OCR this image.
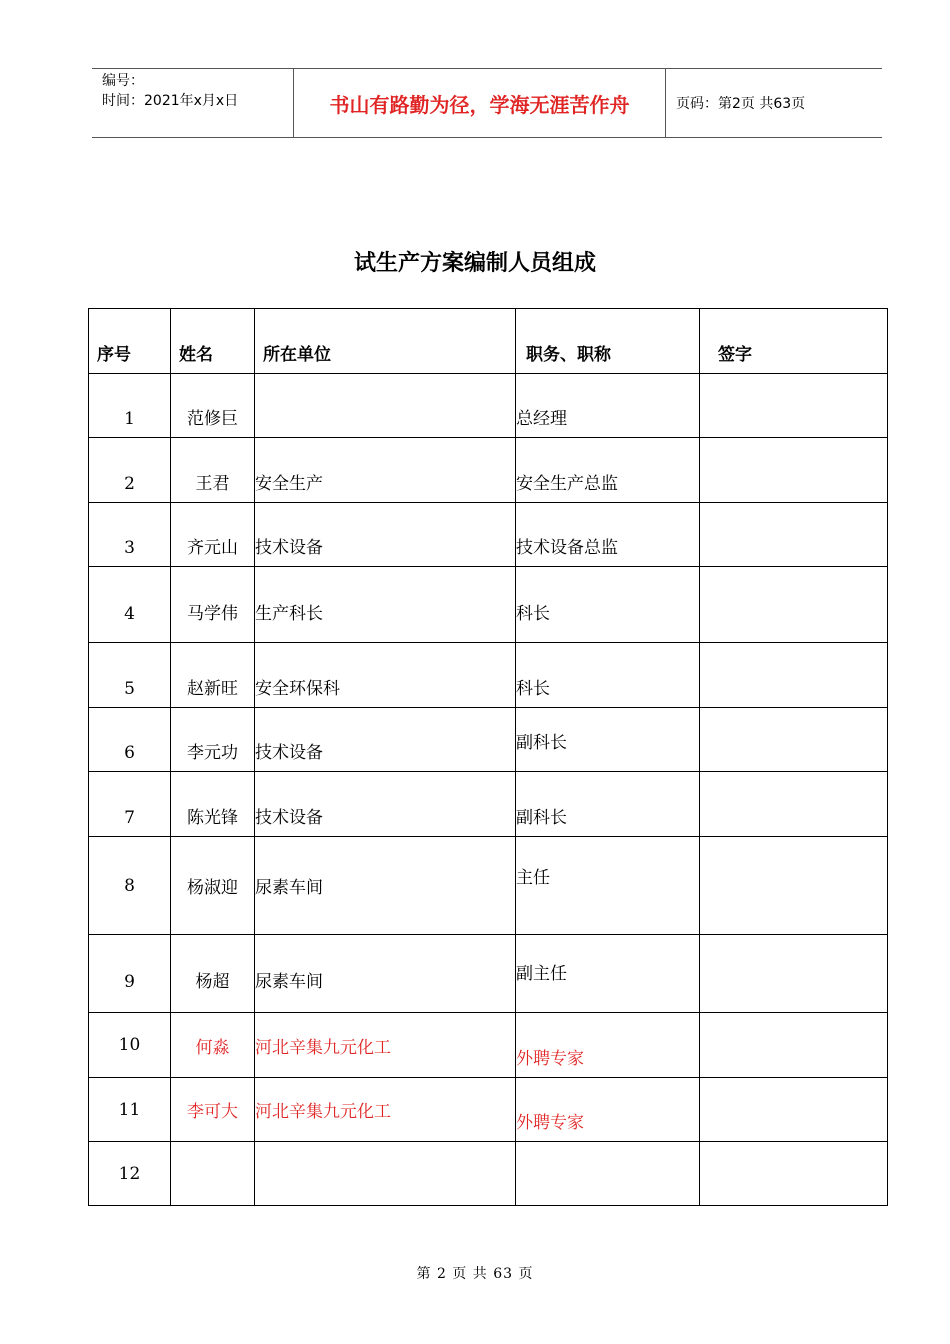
编号：
时间：2021年x月x日	书山有路勤为径，学海无涯苦作舟	页码：第2页 共63页
试生产方案编制人员组成
序号	姓名	所在单位	职务、职称	签字
1	范修巨		总经理	
2	王君	安全生产	安全生产总监	
3	齐元山	技术设备	技术设备总监	
4	马学伟	生产科长	科长	
5	赵新旺	安全环保科	科长	
6	李元功	技术设备	副科长	
7	陈光锋	技术设备	副科长	
8	杨淑迎	尿素车间	主任	
9	杨超	尿素车间	副主任	
10	何淼	河北辛集九元化工	外聘专家	
11	李可大	河北辛集九元化工	外聘专家	
12				
第 2 页 共 63 页
